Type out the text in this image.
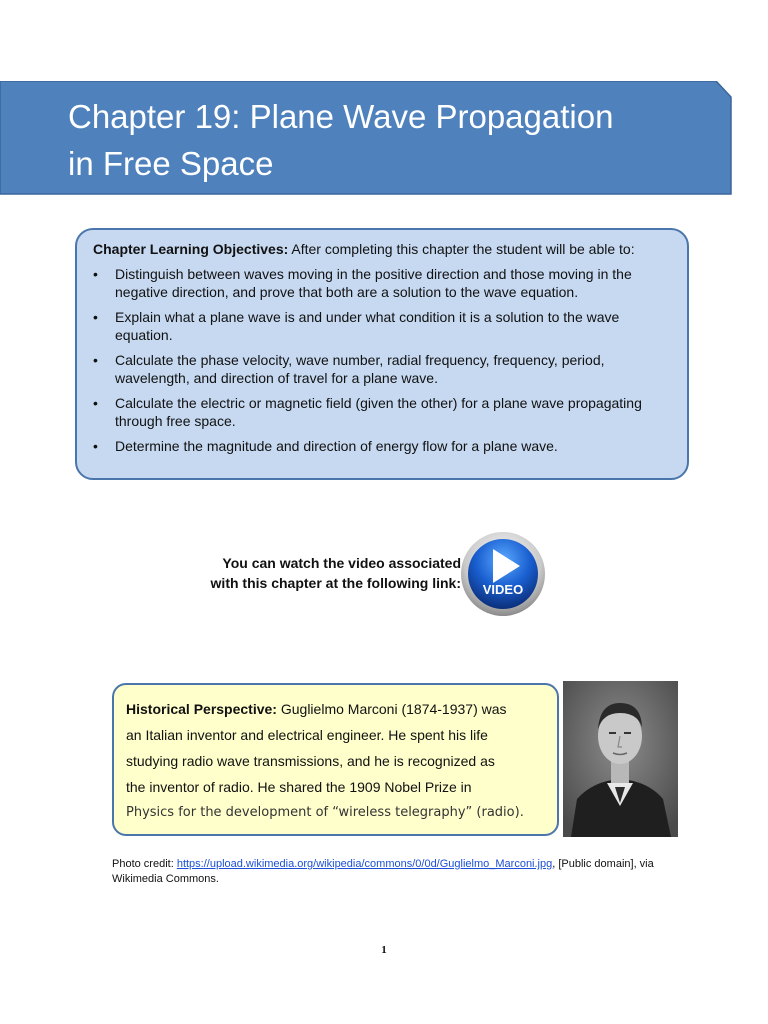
Chapter 19: Plane Wave Propagation
in Free Space

Chapter Learning Objectives: After completing this chapter the student will be able to:

• Distinguish between waves moving in the positive direction and those moving in the negative direction, and prove that both are a solution to the wave equation.
• Explain what a plane wave is and under what condition it is a solution to the wave equation.
• Calculate the phase velocity, wave number, radial frequency, frequency, period, wavelength, and direction of travel for a plane wave.
• Calculate the electric or magnetic field (given the other) for a plane wave propagating through free space.
• Determine the magnitude and direction of energy flow for a plane wave.
You can watch the video associated
with this chapter at the following link: VIDEO
Historical Perspective: Guglielmo Marconi (1874-1937) was
an Italian inventor and electrical engineer. He spent his life
studying radio wave transmissions, and he is recognized as
the inventor of radio. He shared the 1909 Nobel Prize in
Physics for the development of “wireless telegraphy” (radio).
Photo credit: https://upload.wikimedia.org/wikipedia/commons/0/0d/Guglielmo_Marconi.jpg, [Public domain], via Wikimedia Commons.
1
